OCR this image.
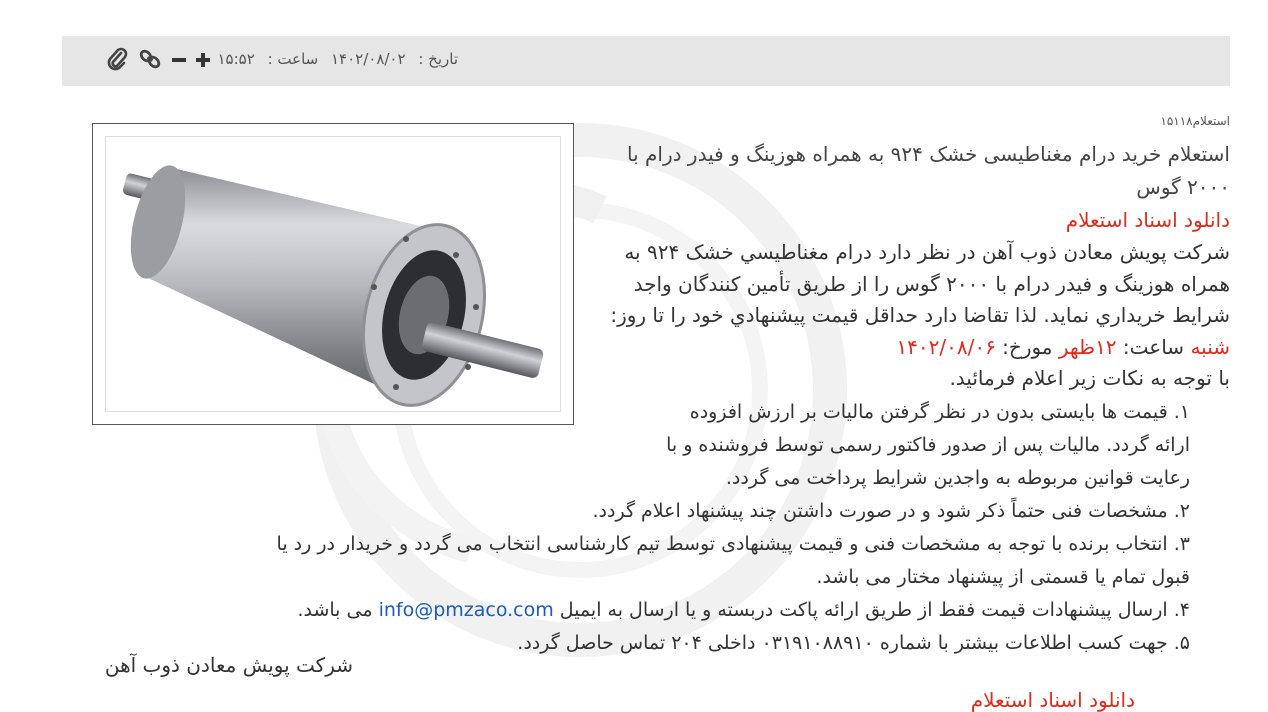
تاریخ : ۱۴۰۲/۰۸/۰۲ ساعت : ۱۵:۵۲
استعلام۱۵۱۱۸
استعلام خرید درام مغناطیسی خشک ۹۲۴ به همراه هوزینگ و فیدر درام با ۲۰۰۰ گوس
دانلود اسناد استعلام
شرکت پویش معادن ذوب آهن در نظر دارد درام مغناطیسي خشک ۹۲۴ به همراه هوزینگ و فیدر درام با ۲۰۰۰ گوس را از طریق تأمین کنندگان واجد شرایط خریداري نماید. لذا تقاضا دارد حداقل قیمت پیشنهادي خود را تا روز: شنبه ساعت: ۱۲ظهر مورخ: ۱۴۰۲/۰۸/۰۶
با توجه به نکات زیر اعلام فرمائید.
۱. قیمت ها بایستی بدون در نظر گرفتن مالیات بر ارزش افزوده ارائه گردد. مالیات پس از صدور فاکتور رسمی توسط فروشنده و با رعایت قوانین مربوطه به واجدین شرایط پرداخت می گردد.
۲. مشخصات فنی حتماً ذکر شود و در صورت داشتن چند پیشنهاد اعلام گردد.
۳. انتخاب برنده با توجه به مشخصات فنی و قیمت پیشنهادی توسط تیم کارشناسی انتخاب می گردد و خریدار در رد یا
قبول تمام یا قسمتی از پیشنهاد مختار می باشد.
۴. ارسال پیشنهادات قیمت فقط از طریق ارائه پاکت دربسته و یا ارسال به ایمیل info@pmzaco.com می باشد.
۵. جهت کسب اطلاعات بیشتر با شماره ۰۳۱۹۱۰۸۸۹۱۰ داخلی ۲۰۴ تماس حاصل گردد.
شرکت پویش معادن ذوب آهن
دانلود اسناد استعلام
